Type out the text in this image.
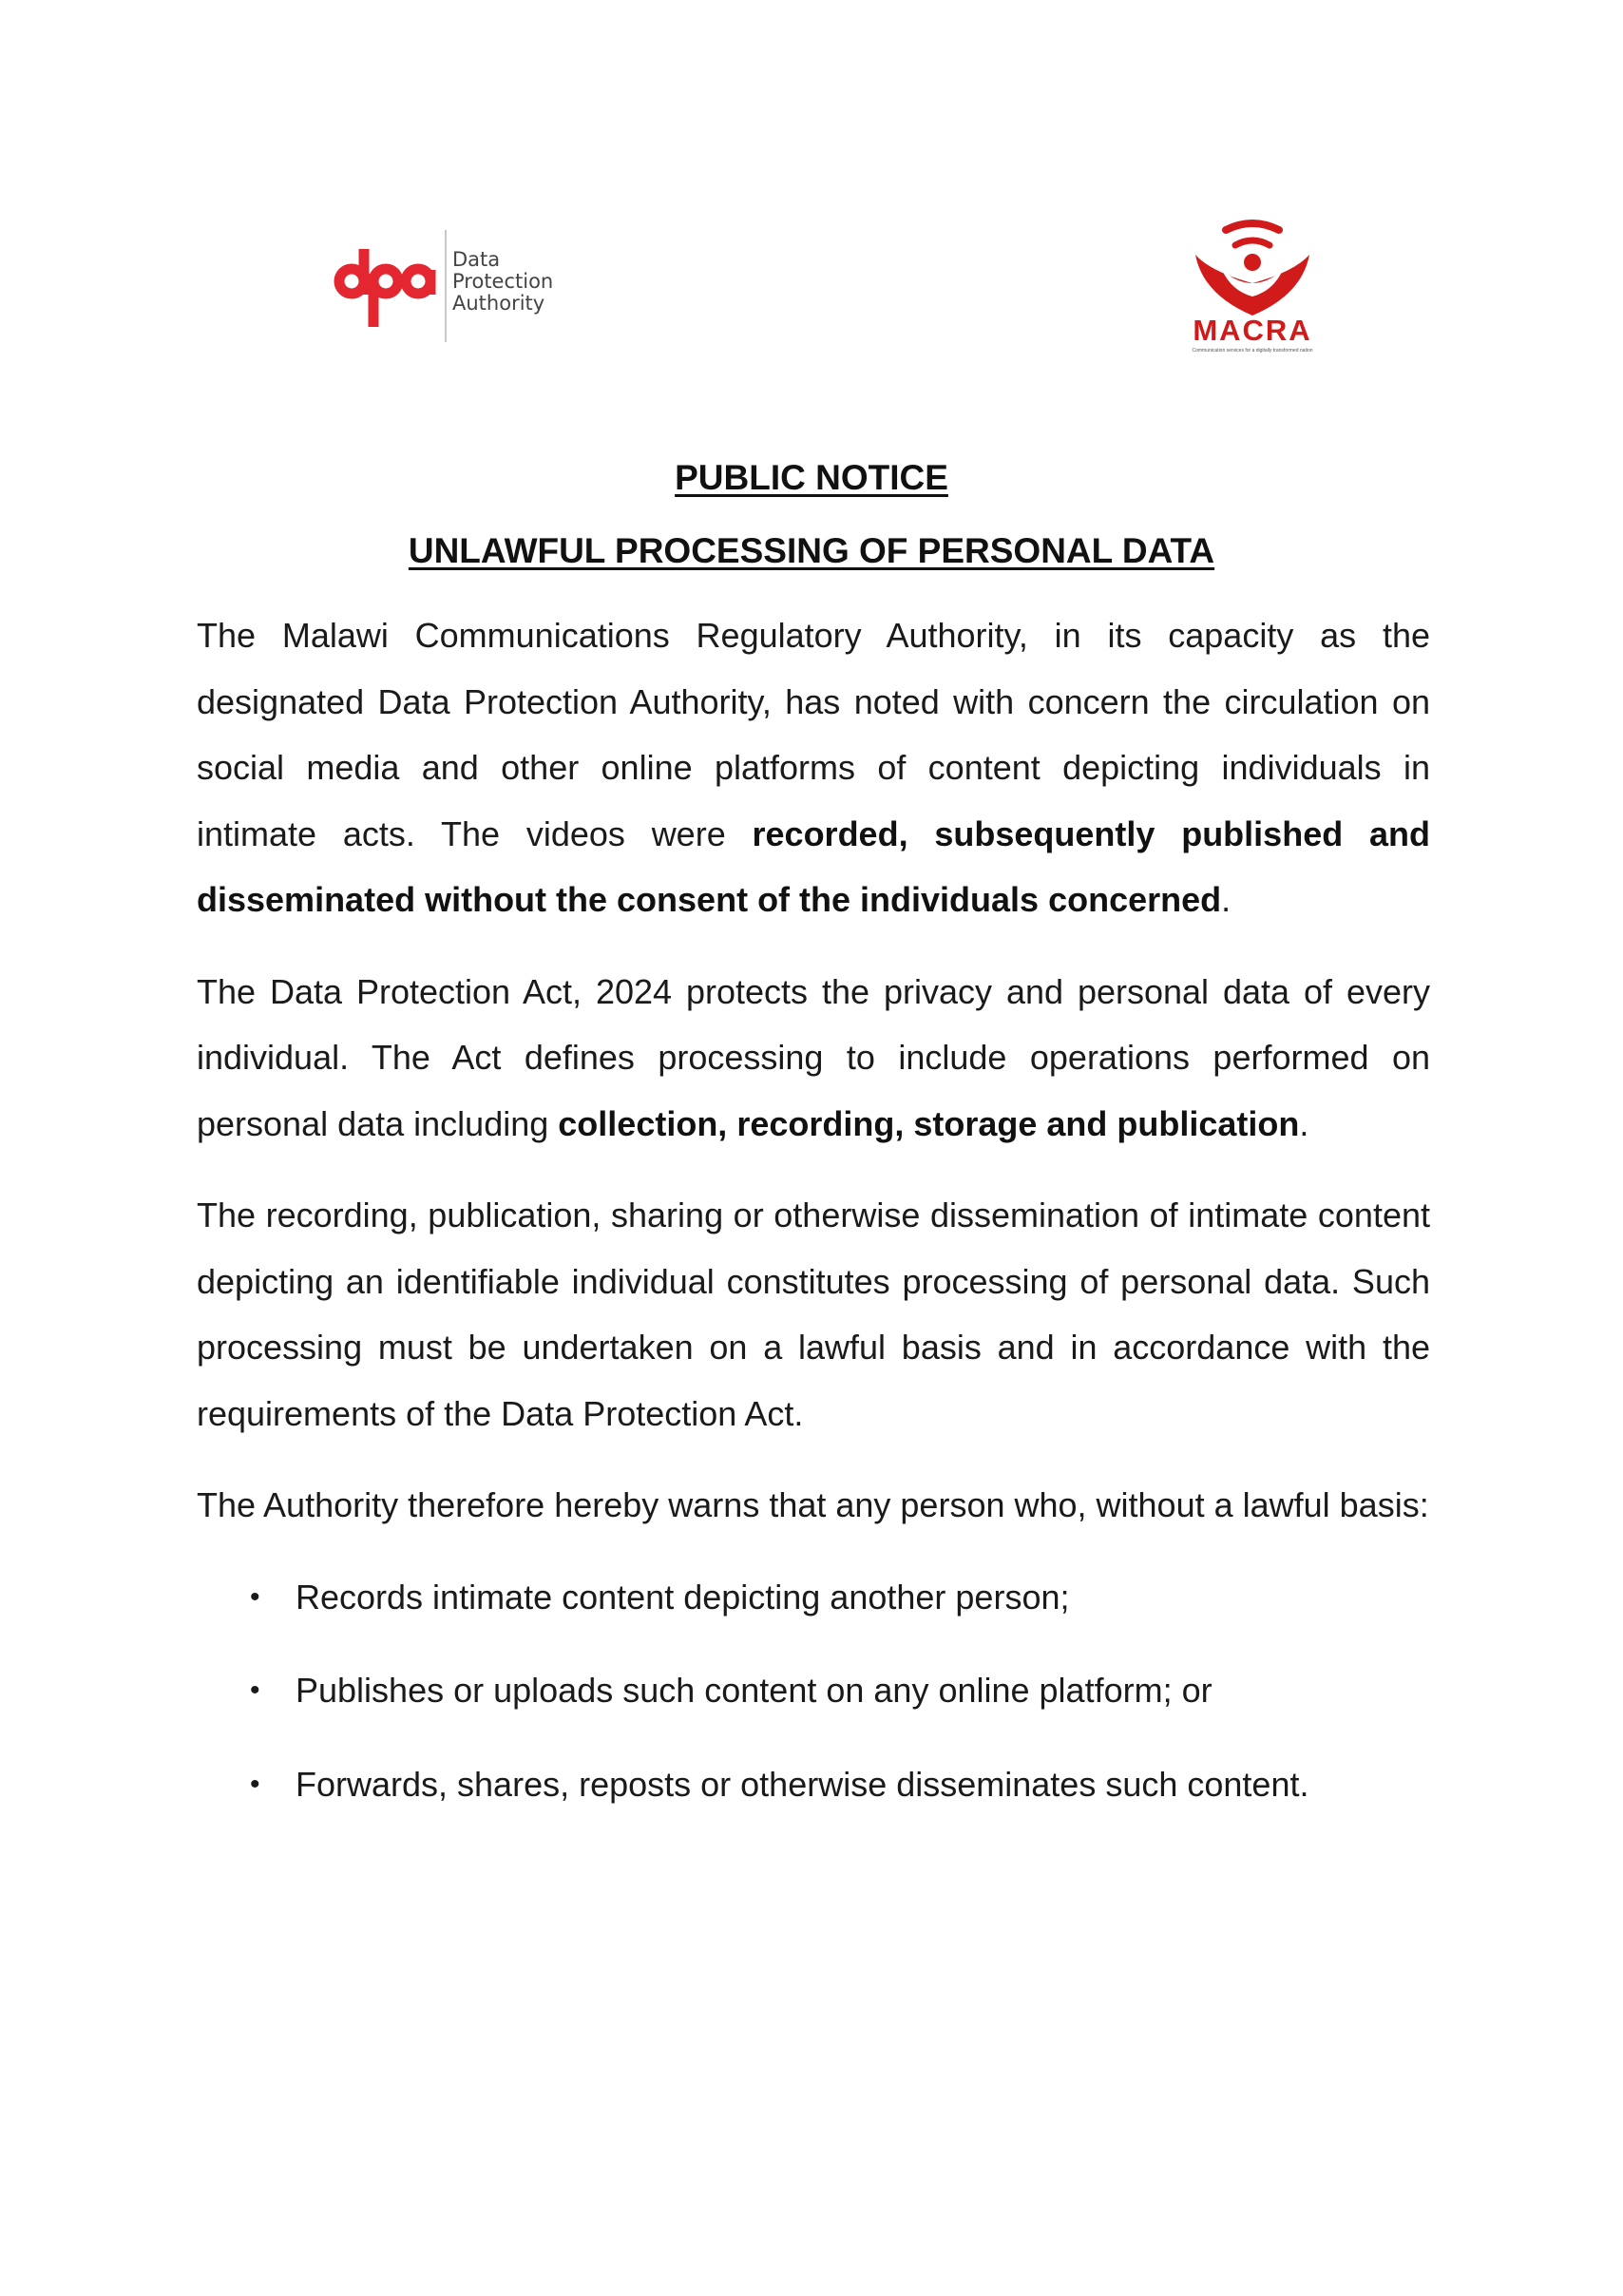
Data
Protection
Authority
MACRA
Communication services for a digitally transformed nation
PUBLIC NOTICE
UNLAWFUL PROCESSING OF PERSONAL DATA

The Malawi Communications Regulatory Authority, in its capacity as the designated Data Protection Authority, has noted with concern the circulation on social media and other online platforms of content depicting individuals in intimate acts. The videos were recorded, subsequently published and disseminated without the consent of the individuals concerned.

The Data Protection Act, 2024 protects the privacy and personal data of every individual. The Act defines processing to include operations performed on personal data including collection, recording, storage and publication.

The recording, publication, sharing or otherwise dissemination of intimate content depicting an identifiable individual constitutes processing of personal data. Such processing must be undertaken on a lawful basis and in accordance with the requirements of the Data Protection Act.

The Authority therefore hereby warns that any person who, without a lawful basis:

• Records intimate content depicting another person;
• Publishes or uploads such content on any online platform; or
• Forwards, shares, reposts or otherwise disseminates such content.
